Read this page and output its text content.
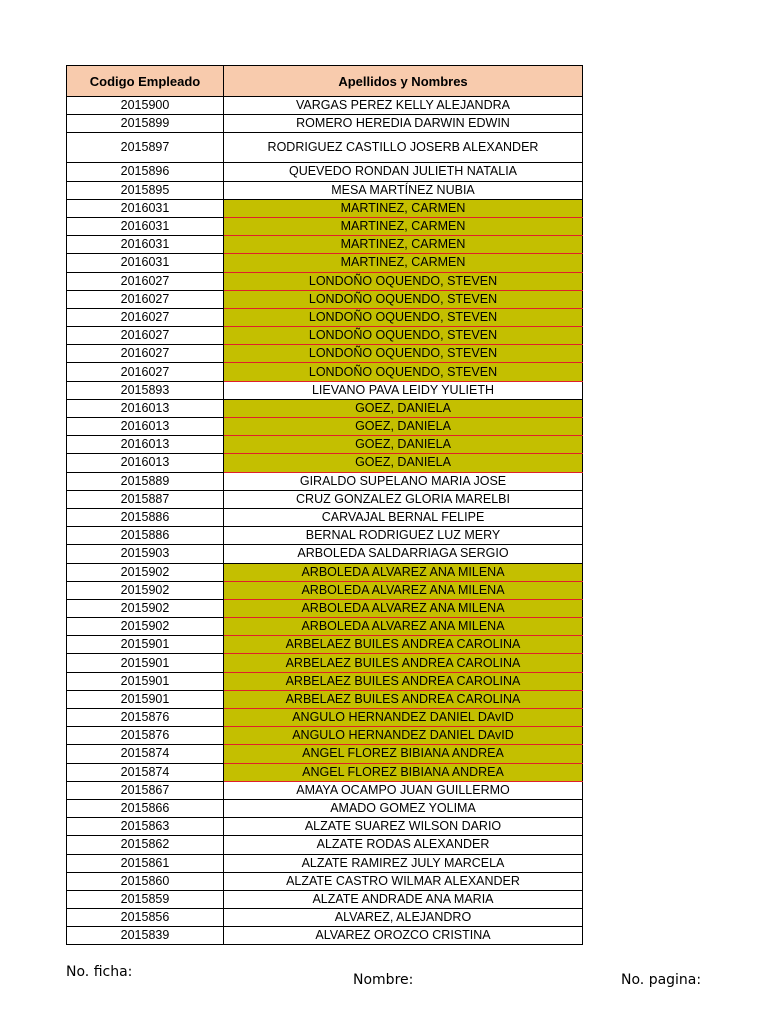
Codigo Empleado	Apellidos y Nombres
2015900	VARGAS PEREZ KELLY ALEJANDRA
2015899	ROMERO HEREDIA DARWIN EDWIN
2015897	RODRIGUEZ CASTILLO JOSERB ALEXANDER
2015896	QUEVEDO RONDAN JULIETH NATALIA
2015895	MESA MARTÍNEZ NUBIA
2016031	MARTINEZ, CARMEN
2016031	MARTINEZ, CARMEN
2016031	MARTINEZ, CARMEN
2016031	MARTINEZ, CARMEN
2016027	LONDOÑO OQUENDO, STEVEN
2016027	LONDOÑO OQUENDO, STEVEN
2016027	LONDOÑO OQUENDO, STEVEN
2016027	LONDOÑO OQUENDO, STEVEN
2016027	LONDOÑO OQUENDO, STEVEN
2016027	LONDOÑO OQUENDO, STEVEN
2015893	LIEVANO PAVA LEIDY YULIETH
2016013	GOEZ, DANIELA
2016013	GOEZ, DANIELA
2016013	GOEZ, DANIELA
2016013	GOEZ, DANIELA
2015889	GIRALDO SUPELANO MARIA JOSE
2015887	CRUZ GONZALEZ GLORIA MARELBI
2015886	CARVAJAL BERNAL FELIPE
2015886	BERNAL RODRIGUEZ LUZ MERY
2015903	ARBOLEDA SALDARRIAGA SERGIO
2015902	ARBOLEDA ALVAREZ ANA MILENA
2015902	ARBOLEDA ALVAREZ ANA MILENA
2015902	ARBOLEDA ALVAREZ ANA MILENA
2015902	ARBOLEDA ALVAREZ ANA MILENA
2015901	ARBELAEZ BUILES ANDREA CAROLINA
2015901	ARBELAEZ BUILES ANDREA CAROLINA
2015901	ARBELAEZ BUILES ANDREA CAROLINA
2015901	ARBELAEZ BUILES ANDREA CAROLINA
2015876	ANGULO HERNANDEZ DANIEL DAvID
2015876	ANGULO HERNANDEZ DANIEL DAvID
2015874	ANGEL FLOREZ BIBIANA ANDREA
2015874	ANGEL FLOREZ BIBIANA ANDREA
2015867	AMAYA OCAMPO JUAN GUILLERMO
2015866	AMADO GOMEZ YOLIMA
2015863	ALZATE SUAREZ WILSON DARIO
2015862	ALZATE RODAS ALEXANDER
2015861	ALZATE RAMIREZ JULY MARCELA
2015860	ALZATE CASTRO WILMAR ALEXANDER
2015859	ALZATE ANDRADE ANA MARIA
2015856	ALVAREZ, ALEJANDRO
2015839	ALVAREZ OROZCO CRISTINA
No. ficha:	Nombre:	No. pagina:
